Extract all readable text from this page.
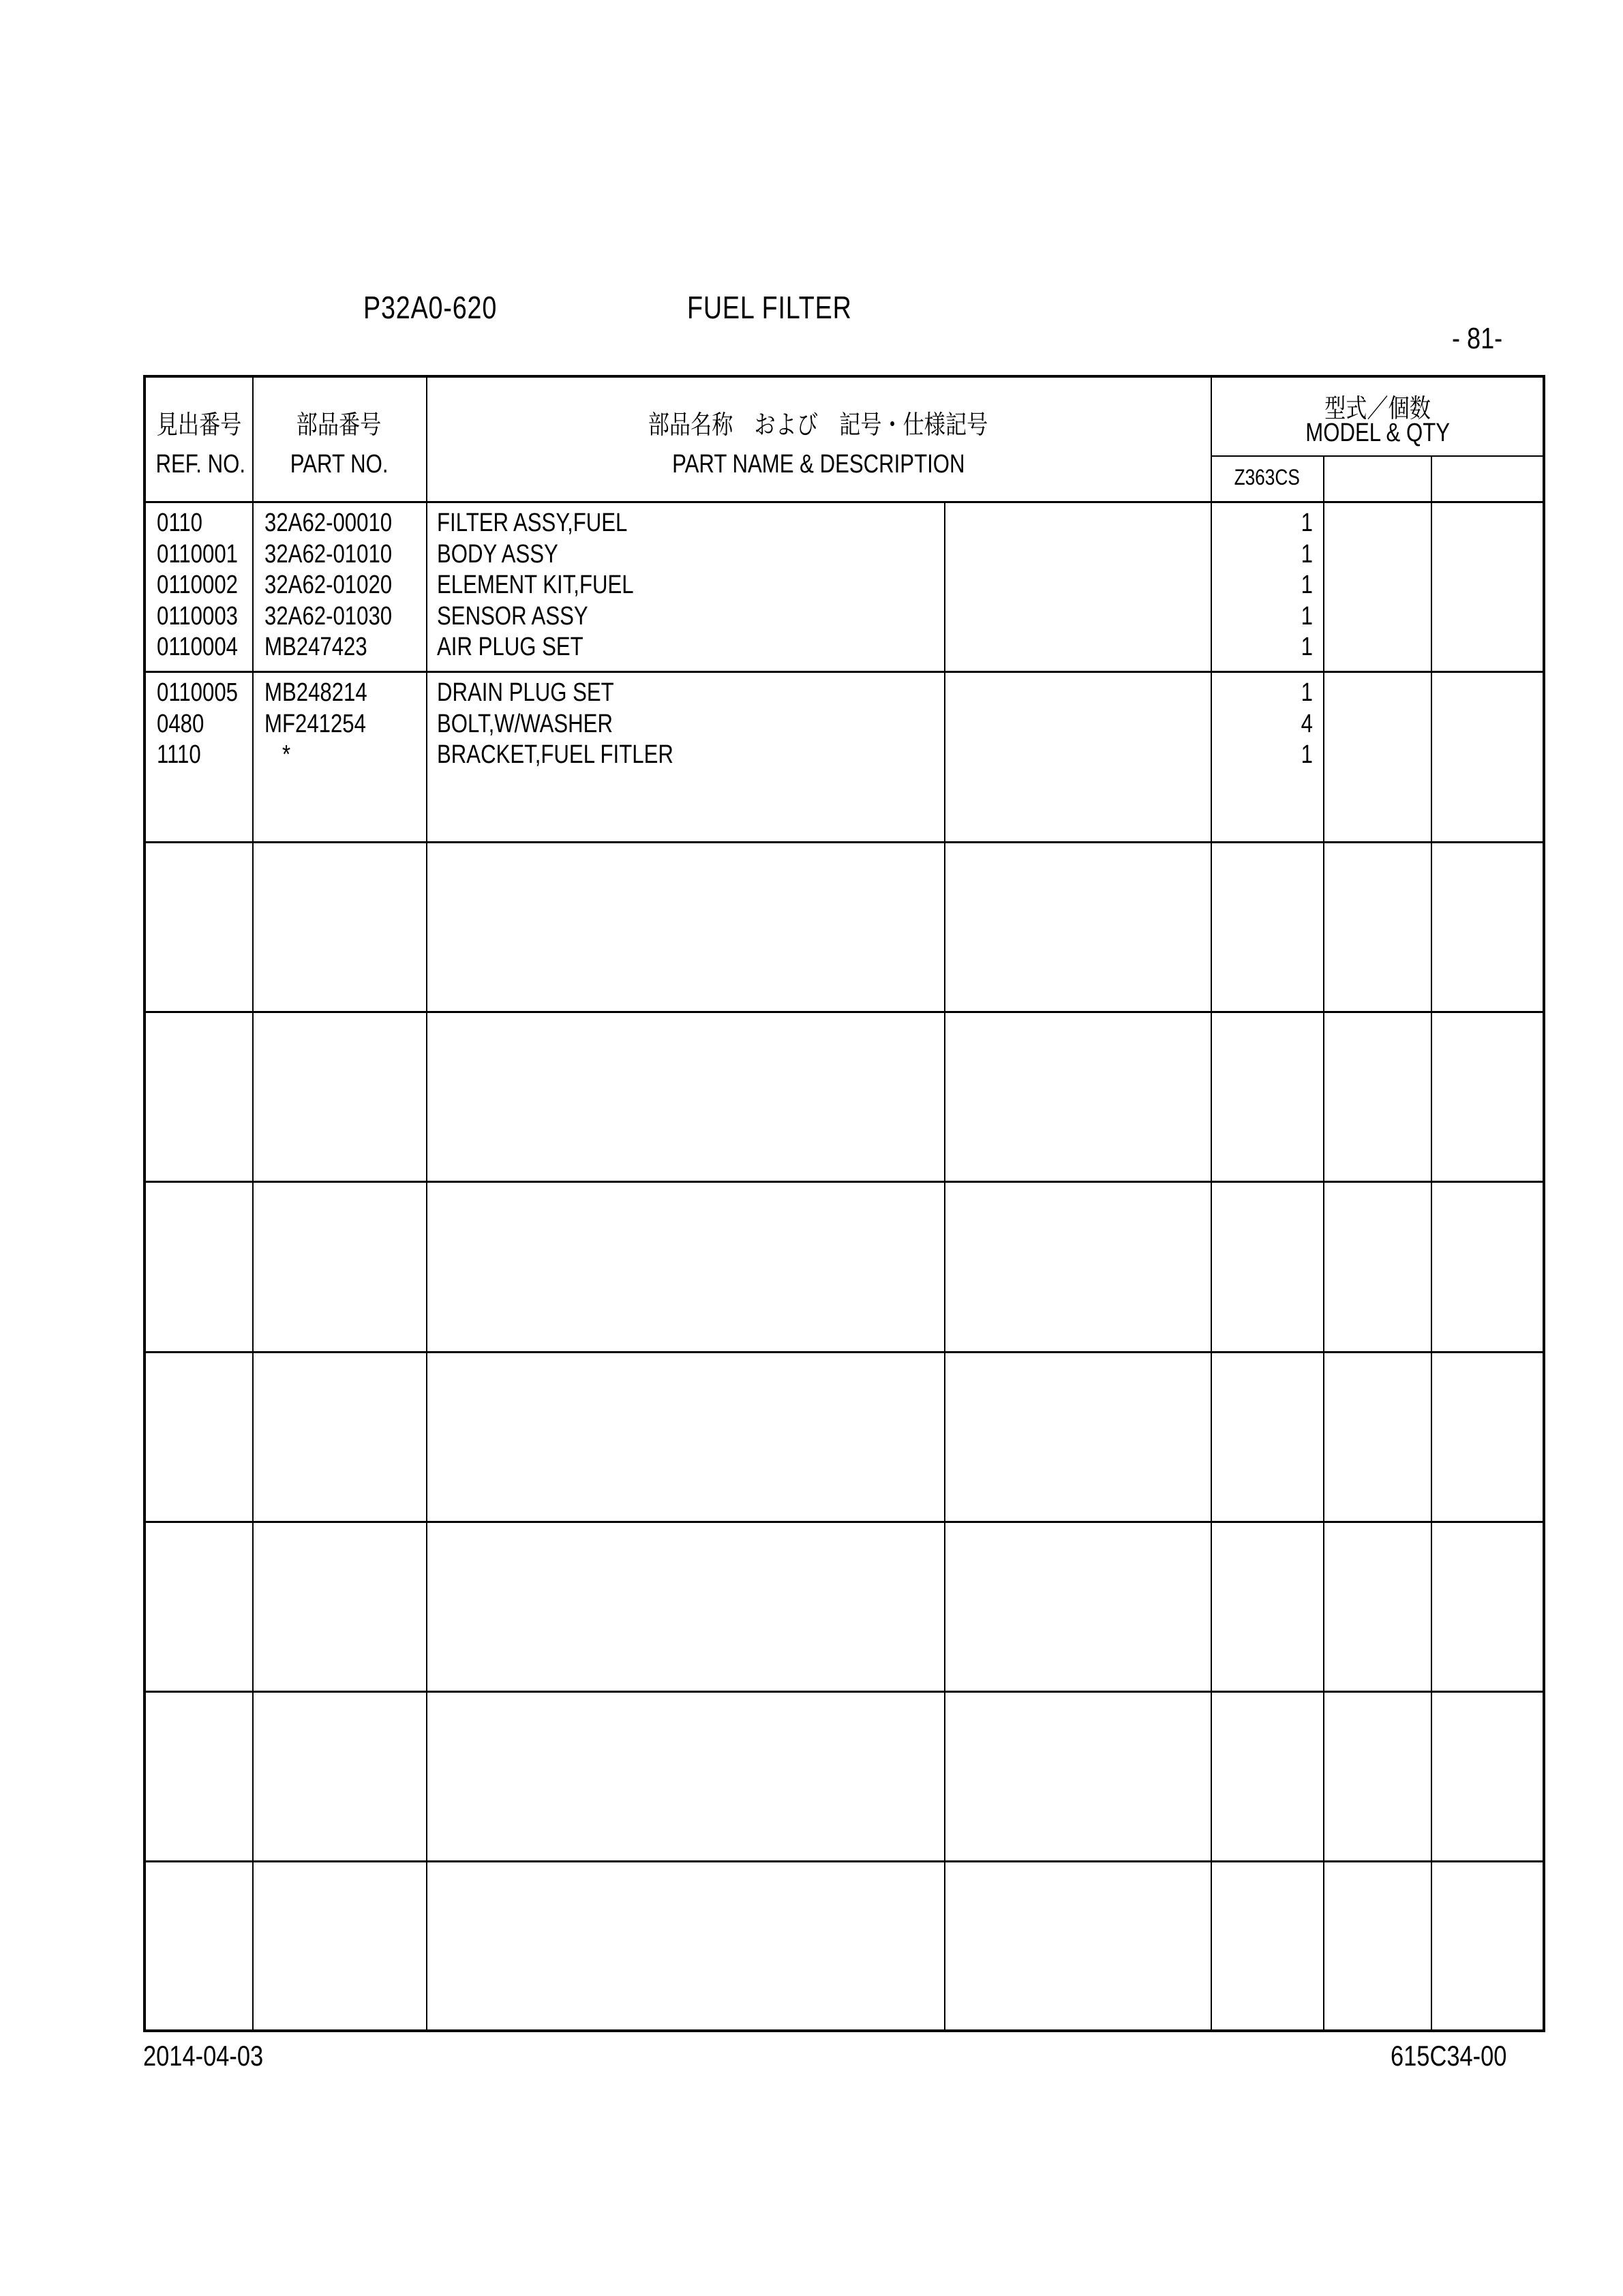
P32A0-620	FUEL FILTER
- 81-
見出番号
REF. NO.
部品番号
PART NO.
部品名称　および　記号・仕様記号
PART NAME & DESCRIPTION
型式／個数
MODEL & QTY
Z363CS
0110
0110001
0110002
0110003
0110004
32A62-00010
32A62-01010
32A62-01020
32A62-01030
MB247423
FILTER ASSY,FUEL
BODY ASSY
ELEMENT KIT,FUEL
SENSOR ASSY
AIR PLUG SET
1
1
1
1
1
0110005
0480
1110
MB248214
MF241254
*
DRAIN PLUG SET
BOLT,W/WASHER
BRACKET,FUEL FITLER
1
4
1
2014-04-03	615C34-00
